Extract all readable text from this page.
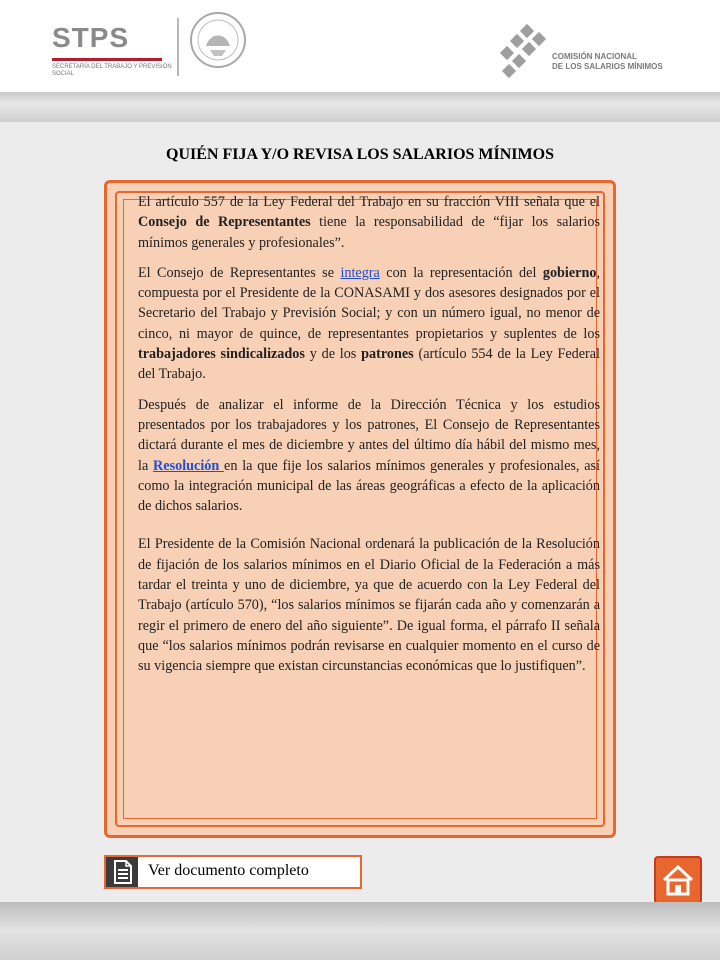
STPS
SECRETARÍA DEL TRABAJO Y PREVISIÓN SOCIAL
COMISIÓN NACIONAL
DE LOS SALARIOS MÍNIMOS
QUIÉN FIJA Y/O REVISA LOS SALARIOS MÍNIMOS

El artículo 557 de la Ley Federal del Trabajo en su fracción VIII señala que el Consejo de Representantes tiene la responsabilidad de “fijar los salarios mínimos generales y profesionales”.

El Consejo de Representantes se integra con la representación del gobierno, compuesta por el Presidente de la CONASAMI y dos asesores designados por el Secretario del Trabajo y Previsión Social; y con un número igual, no menor de cinco, ni mayor de quince, de representantes propietarios y suplentes de los trabajadores sindicalizados y de los patrones (artículo 554 de la Ley Federal del Trabajo.

Después de analizar el informe de la Dirección Técnica y los estudios presentados por los trabajadores y los patrones, El Consejo de Representantes dictará durante el mes de diciembre y antes del último día hábil del mismo mes, la Resolución en la que fije los salarios mínimos generales y profesionales, así como la integración municipal de las áreas geográficas a efecto de la aplicación de dichos salarios.

El Presidente de la Comisión Nacional ordenará la publicación de la Resolución de fijación de los salarios mínimos en el Diario Oficial de la Federación a más tardar el treinta y uno de diciembre, ya que de acuerdo con la Ley Federal del Trabajo (artículo 570), “los salarios mínimos se fijarán cada año y comenzarán a regir el primero de enero del año siguiente”. De igual forma, el párrafo II señala que “los salarios mínimos podrán revisarse en cualquier momento en el curso de su vigencia siempre que existan circunstancias económicas que lo justifiquen”.

Ver documento completo
